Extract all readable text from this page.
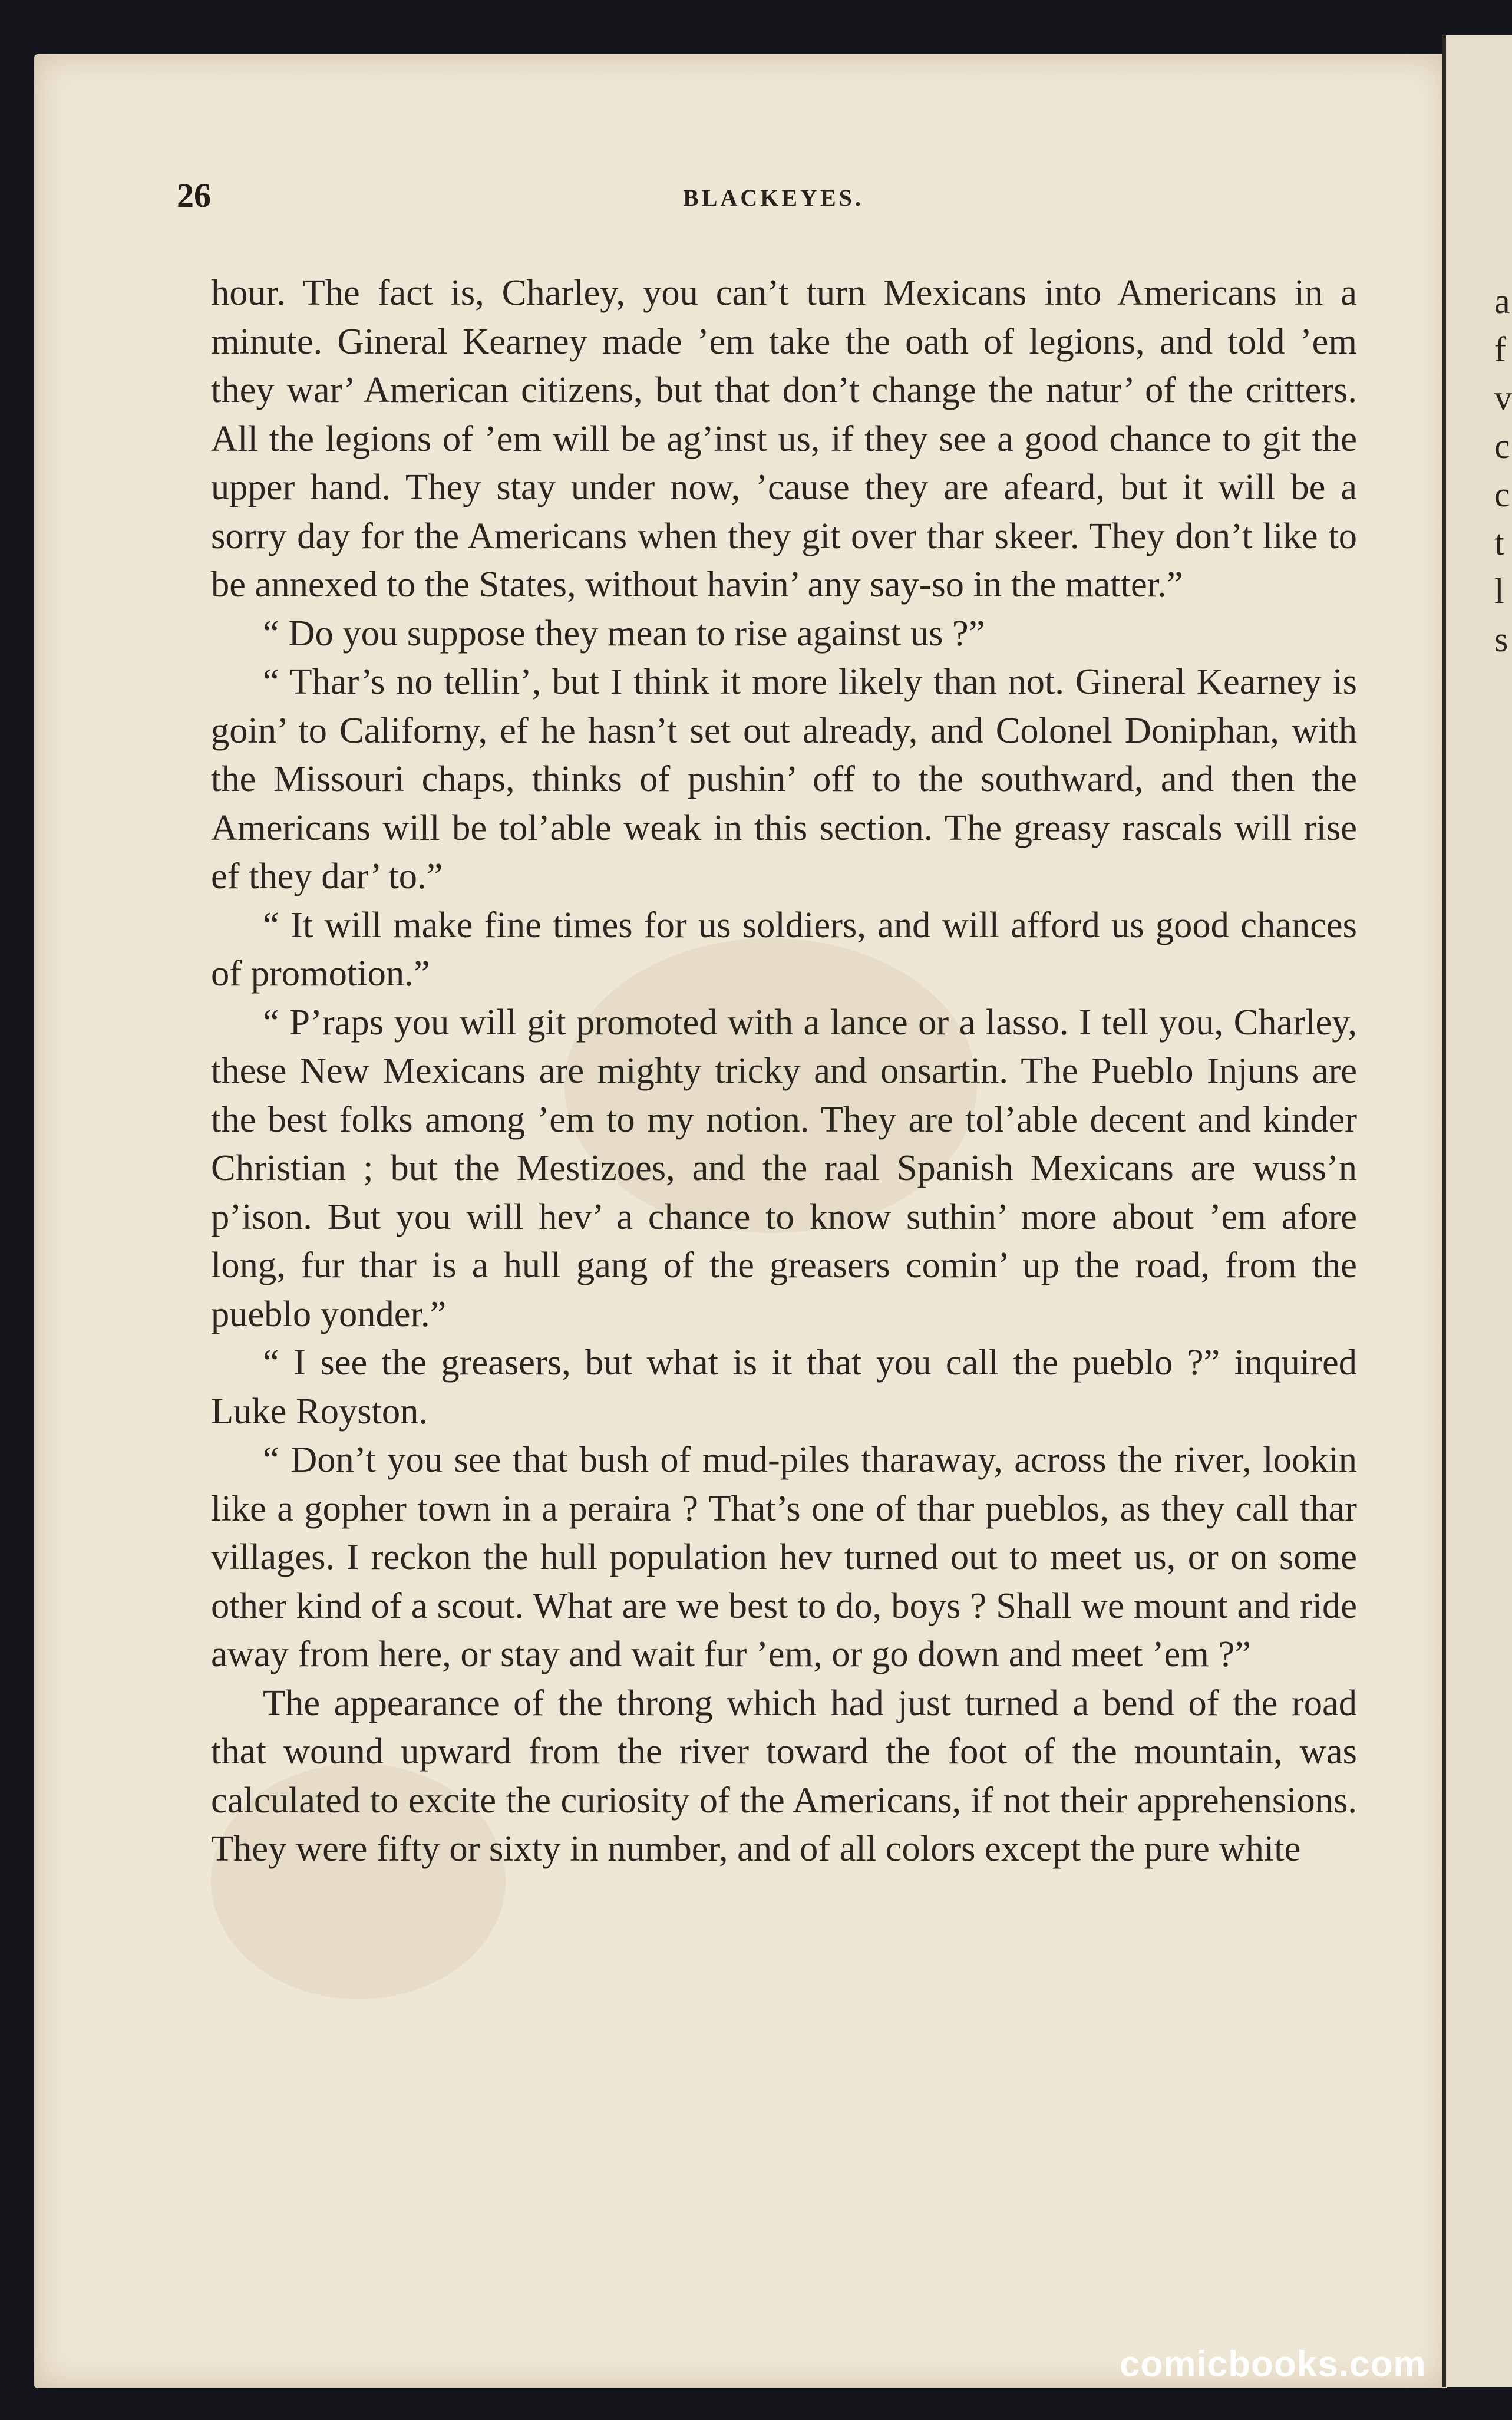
a
f
v
c
c
t
l
s
26	BLACKEYES.

hour. The fact is, Charley, you can’t turn Mexicans into Americans in a minute. Gineral Kearney made ’em take the oath of legions, and told ’em they war’ American citizens, but that don’t change the natur’ of the critters. All the legions of ’em will be ag’inst us, if they see a good chance to git the upper hand. They stay under now, ’cause they are afeard, but it will be a sorry day for the Americans when they git over thar skeer. They don’t like to be annexed to the States, without havin’ any say-so in the matter.”

“ Do you suppose they mean to rise against us ?”

“ Thar’s no tellin’, but I think it more likely than not. Gineral Kearney is goin’ to Californy, ef he hasn’t set out already, and Colonel Doniphan, with the Missouri chaps, thinks of pushin’ off to the southward, and then the Americans will be tol’able weak in this section. The greasy rascals will rise ef they dar’ to.”

“ It will make fine times for us soldiers, and will afford us good chances of promotion.”

“ P’raps you will git promoted with a lance or a lasso. I tell you, Charley, these New Mexicans are mighty tricky and onsartin. The Pueblo Injuns are the best folks among ’em to my notion. They are tol’able decent and kinder Christian ; but the Mestizoes, and the raal Spanish Mexicans are wuss’n p’ison. But you will hev’ a chance to know suthin’ more about ’em afore long, fur thar is a hull gang of the greasers comin’ up the road, from the pueblo yonder.”

“ I see the greasers, but what is it that you call the pueblo ?” inquired Luke Royston.

“ Don’t you see that bush of mud-piles tharaway, across the river, lookin like a gopher town in a peraira ? That’s one of thar pueblos, as they call thar villages. I reckon the hull population hev turned out to meet us, or on some other kind of a scout. What are we best to do, boys ? Shall we mount and ride away from here, or stay and wait fur ’em, or go down and meet ’em ?”

The appearance of the throng which had just turned a bend of the road that wound upward from the river toward the foot of the mountain, was calculated to excite the curiosity of the Americans, if not their apprehensions. They were fifty or sixty in number, and of all colors except the pure white

comicbooks.com
